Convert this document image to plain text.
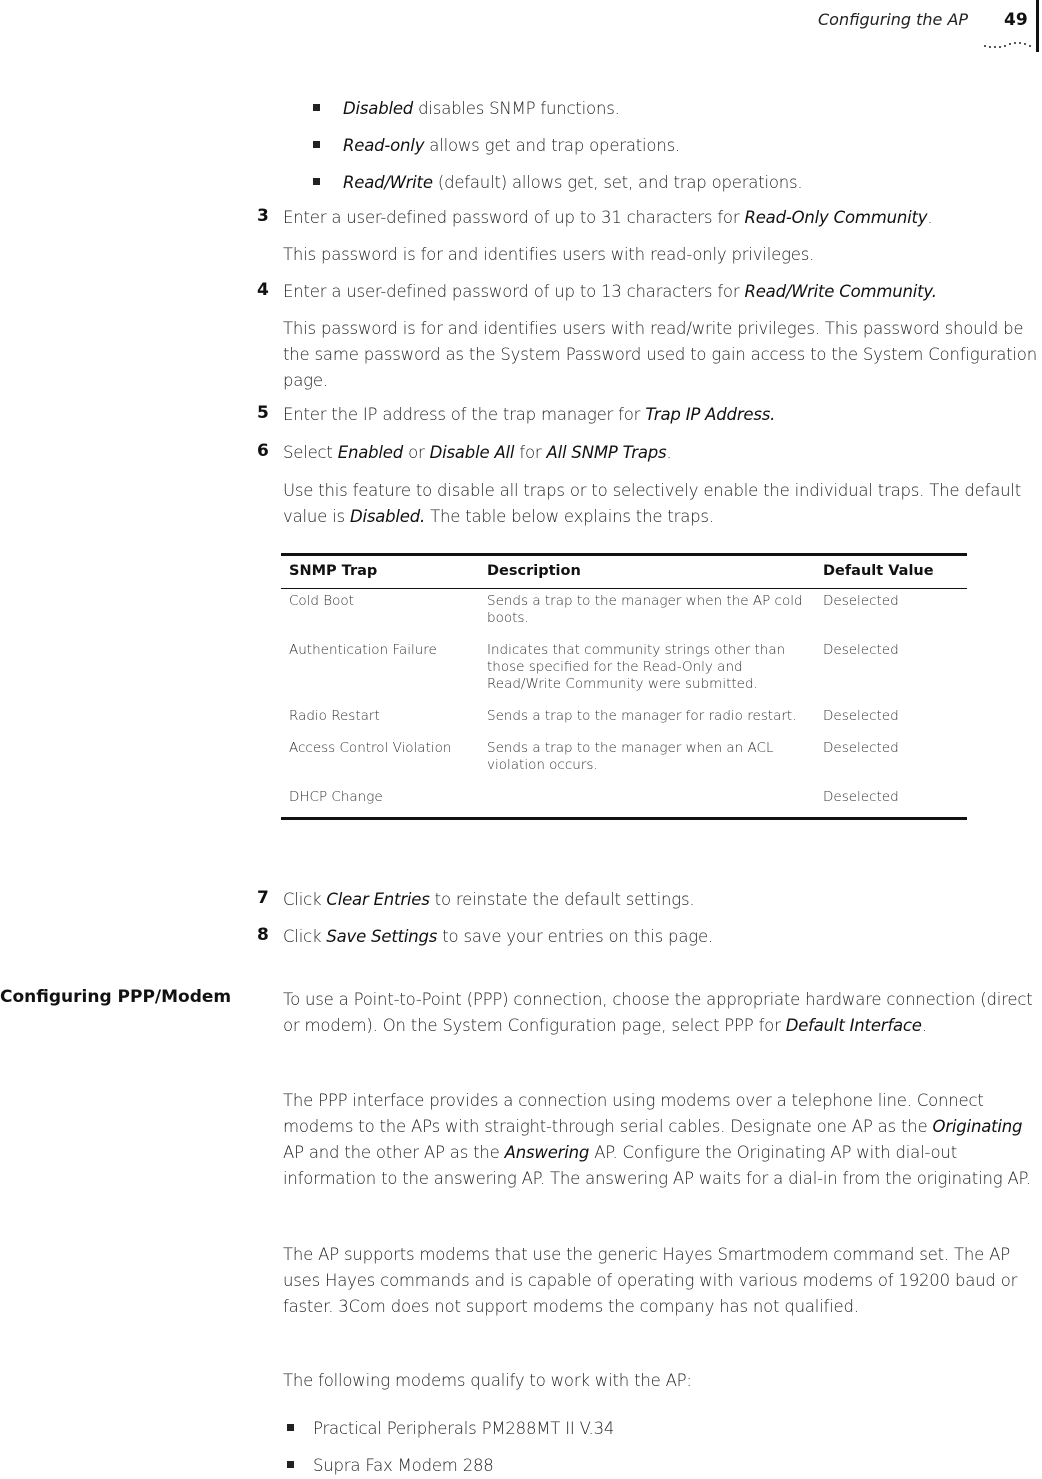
Configuring the AP 49
Disabled disables SNMP functions.
Read-only allows get and trap operations.
Read/Write (default) allows get, set, and trap operations.
3 Enter a user-defined password of up to 31 characters for Read-Only Community.
This password is for and identifies users with read-only privileges.
4 Enter a user-defined password of up to 13 characters for Read/Write Community.
This password is for and identifies users with read/write privileges. This password should be the same password as the System Password used to gain access to the System Configuration page.
5 Enter the IP address of the trap manager for Trap IP Address.
6 Select Enabled or Disable All for All SNMP Traps.
Use this feature to disable all traps or to selectively enable the individual traps. The default value is Disabled. The table below explains the traps.
SNMP Trap	Description	Default Value
Cold Boot	Sends a trap to the manager when the AP cold boots.	Deselected
Authentication Failure	Indicates that community strings other than those specified for the Read-Only and Read/Write Community were submitted.	Deselected
Radio Restart	Sends a trap to the manager for radio restart.	Deselected
Access Control Violation	Sends a trap to the manager when an ACL violation occurs.	Deselected
DHCP Change		Deselected
7 Click Clear Entries to reinstate the default settings.
8 Click Save Settings to save your entries on this page.
Configuring PPP/Modem	To use a Point-to-Point (PPP) connection, choose the appropriate hardware connection (direct or modem). On the System Configuration page, select PPP for Default Interface.
The PPP interface provides a connection using modems over a telephone line. Connect modems to the APs with straight-through serial cables. Designate one AP as the Originating AP and the other AP as the Answering AP. Configure the Originating AP with dial-out information to the answering AP. The answering AP waits for a dial-in from the originating AP.
The AP supports modems that use the generic Hayes Smartmodem command set. The AP uses Hayes commands and is capable of operating with various modems of 19200 baud or faster. 3Com does not support modems the company has not qualified.
The following modems qualify to work with the AP:
Practical Peripherals PM288MT II V.34
Supra Fax Modem 288
